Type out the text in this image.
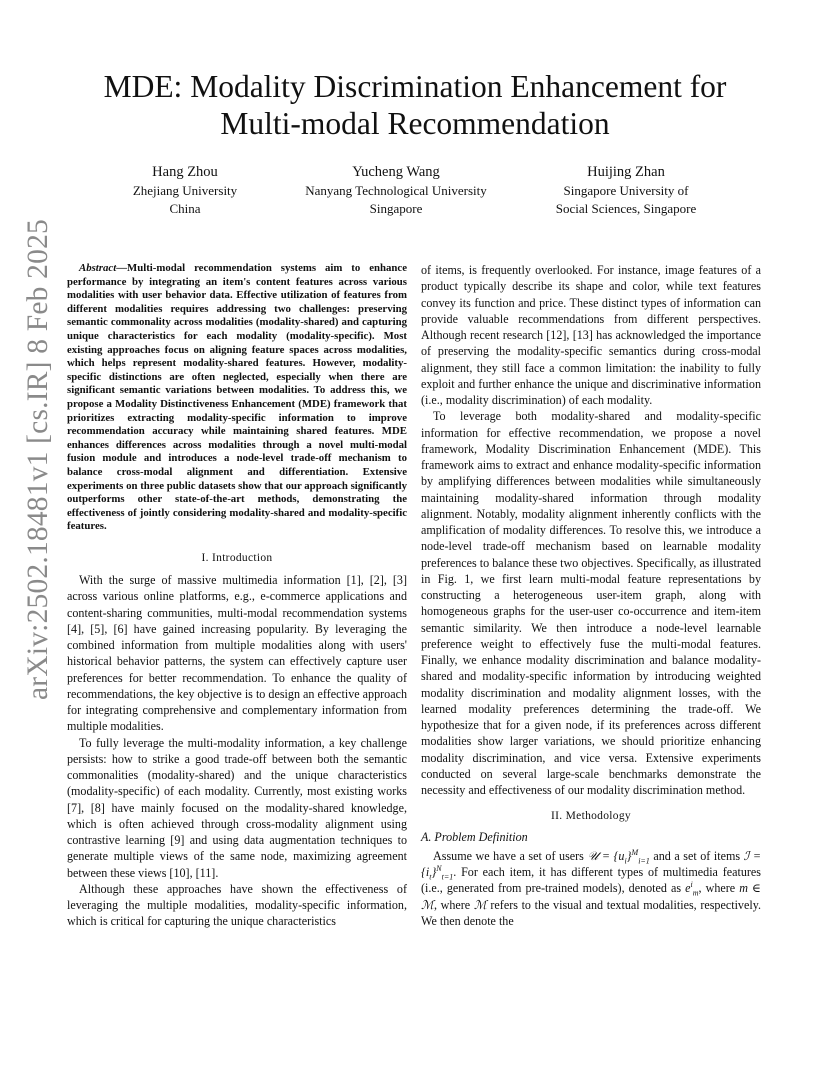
arXiv:2502.18481v1 [cs.IR] 8 Feb 2025
MDE: Modality Discrimination Enhancement for Multi-modal Recommendation
Hang Zhou
Zhejiang University
China
Yucheng Wang
Nanyang Technological University
Singapore
Huijing Zhan
Singapore University of
Social Sciences, Singapore

Abstract—Multi-modal recommendation systems aim to enhance performance by integrating an item's content features across various modalities with user behavior data. Effective utilization of features from different modalities requires addressing two challenges: preserving semantic commonality across modalities (modality-shared) and capturing unique characteristics for each modality (modality-specific). Most existing approaches focus on aligning feature spaces across modalities, which helps represent modality-shared features. However, modality-specific distinctions are often neglected, especially when there are significant semantic variations between modalities. To address this, we propose a Modality Distinctiveness Enhancement (MDE) framework that prioritizes extracting modality-specific information to improve recommendation accuracy while maintaining shared features. MDE enhances differences across modalities through a novel multi-modal fusion module and introduces a node-level trade-off mechanism to balance cross-modal alignment and differentiation. Extensive experiments on three public datasets show that our approach significantly outperforms other state-of-the-art methods, demonstrating the effectiveness of jointly considering modality-shared and modality-specific features.

I. Introduction

With the surge of massive multimedia information [1], [2], [3] across various online platforms, e.g., e-commerce applications and content-sharing communities, multi-modal recommendation systems [4], [5], [6] have gained increasing popularity. By leveraging the combined information from multiple modalities along with users' historical behavior patterns, the system can effectively capture user preferences for better recommendation. To enhance the quality of recommendations, the key objective is to design an effective approach for integrating comprehensive and complementary information from multiple modalities.

To fully leverage the multi-modality information, a key challenge persists: how to strike a good trade-off between both the semantic commonalities (modality-shared) and the unique characteristics (modality-specific) of each modality. Currently, most existing works [7], [8] have mainly focused on the modality-shared knowledge, which is often achieved through cross-modality alignment using contrastive learning [9] and using data augmentation techniques to generate multiple views of the same node, maximizing agreement between these views [10], [11].

Although these approaches have shown the effectiveness of leveraging the multiple modalities, modality-specific information, which is critical for capturing the unique characteristics

of items, is frequently overlooked. For instance, image features of a product typically describe its shape and color, while text features convey its function and price. These distinct types of information can provide valuable recommendations from different perspectives. Although recent research [12], [13] has acknowledged the importance of preserving the modality-specific semantics during cross-modal alignment, they still face a common limitation: the inability to fully exploit and further enhance the unique and discriminative information (i.e., modality discrimination) of each modality.

To leverage both modality-shared and modality-specific information for effective recommendation, we propose a novel framework, Modality Discrimination Enhancement (MDE). This framework aims to extract and enhance modality-specific information by amplifying differences between modalities while simultaneously maintaining modality-shared information through modality alignment. Notably, modality alignment inherently conflicts with the amplification of modality differences. To resolve this, we introduce a node-level trade-off mechanism based on learnable modality preferences to balance these two objectives. Specifically, as illustrated in Fig. 1, we first learn multi-modal feature representations by constructing a heterogeneous user-item graph, along with homogeneous graphs for the user-user co-occurrence and item-item semantic similarity. We then introduce a node-level learnable preference weight to effectively fuse the multi-modal features. Finally, we enhance modality discrimination and balance modality-shared and modality-specific information by introducing weighted modality discrimination and modality alignment losses, with the learned modality preferences determining the trade-off. We hypothesize that for a given node, if its preferences across different modalities show larger variations, we should prioritize enhancing modality discrimination, and vice versa. Extensive experiments conducted on several large-scale benchmarks demonstrate the necessity and effectiveness of our modality discrimination method.

II. Methodology
A. Problem Definition

Assume we have a set of users 𝒰 = $\{u_i\}^M_{i=1}$ and a set of items ℐ = $\{i_t\}^N_{t=1}$. For each item, it has different types of multimedia features (i.e., generated from pre-trained models), denoted as $e^i_m$, where m ∈ ℳ, where ℳ refers to the visual and textual modalities, respectively. We then denote the
